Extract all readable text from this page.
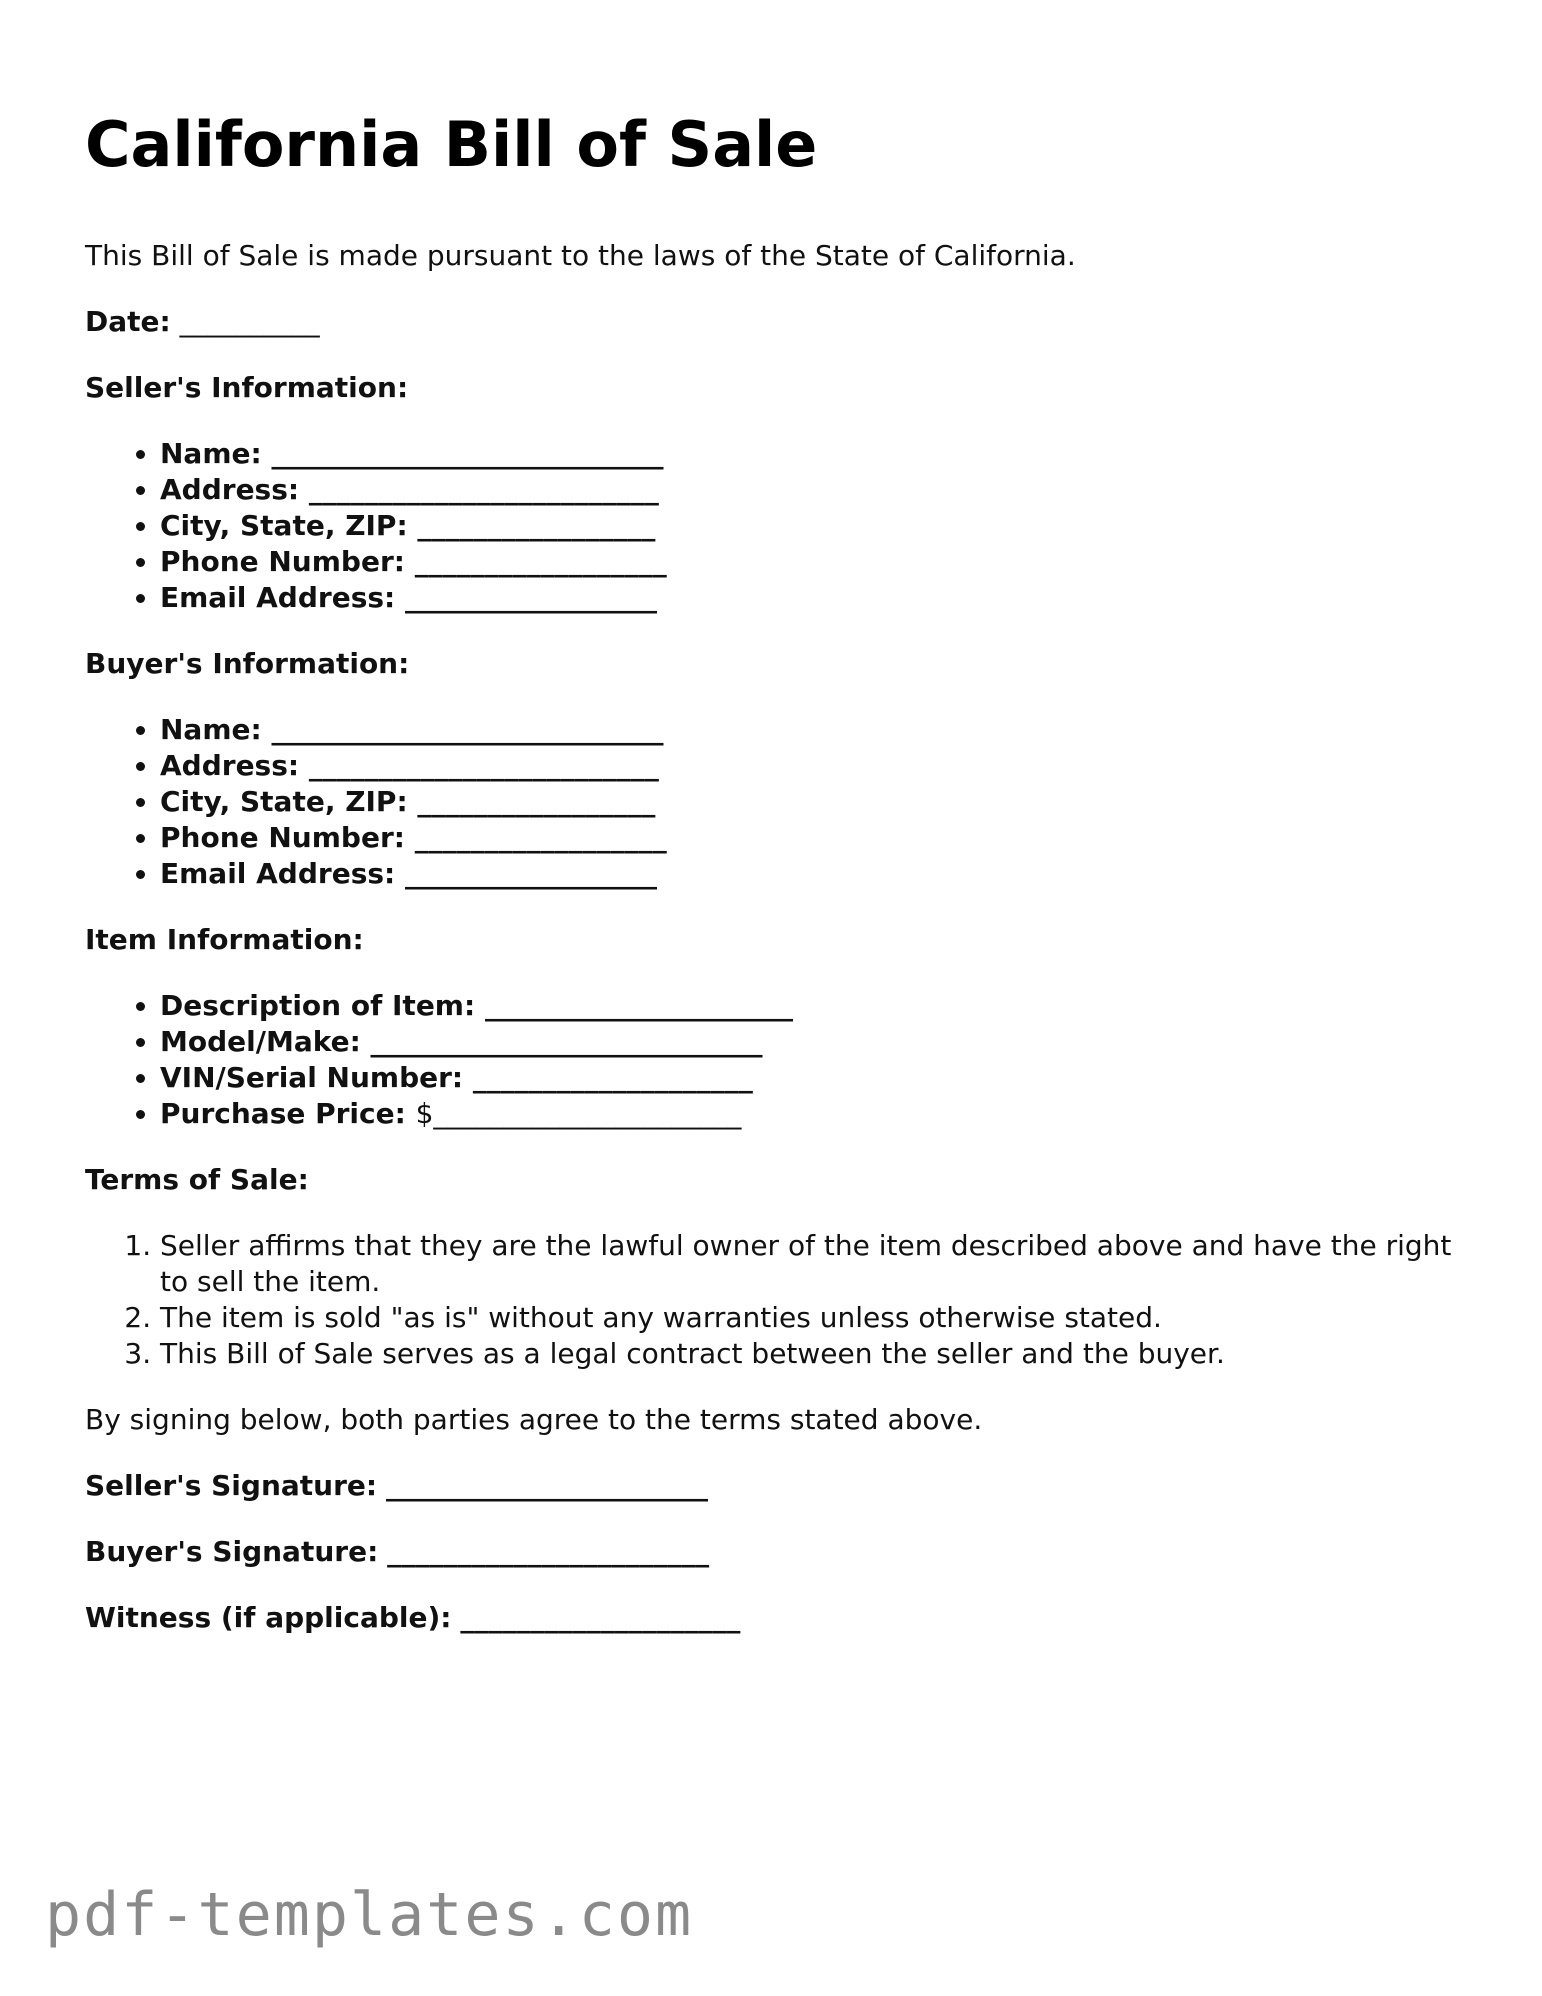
California Bill of Sale

This Bill of Sale is made pursuant to the laws of the State of California.

Date: __________

Seller's Information:

• Name: ____________________________
• Address: _________________________
• City, State, ZIP: _________________
• Phone Number: __________________
• Email Address: __________________

Buyer's Information:

• Name: ____________________________
• Address: _________________________
• City, State, ZIP: _________________
• Phone Number: __________________
• Email Address: __________________

Item Information:

• Description of Item: ______________________
• Model/Make: ____________________________
• VIN/Serial Number: ____________________
• Purchase Price: $______________________

Terms of Sale:

1. Seller affirms that they are the lawful owner of the item described above and have the right to sell the item.
2. The item is sold "as is" without any warranties unless otherwise stated.
3. This Bill of Sale serves as a legal contract between the seller and the buyer.

By signing below, both parties agree to the terms stated above.

Seller's Signature: _______________________

Buyer's Signature: _______________________

Witness (if applicable): ____________________

pdf-templates.com
